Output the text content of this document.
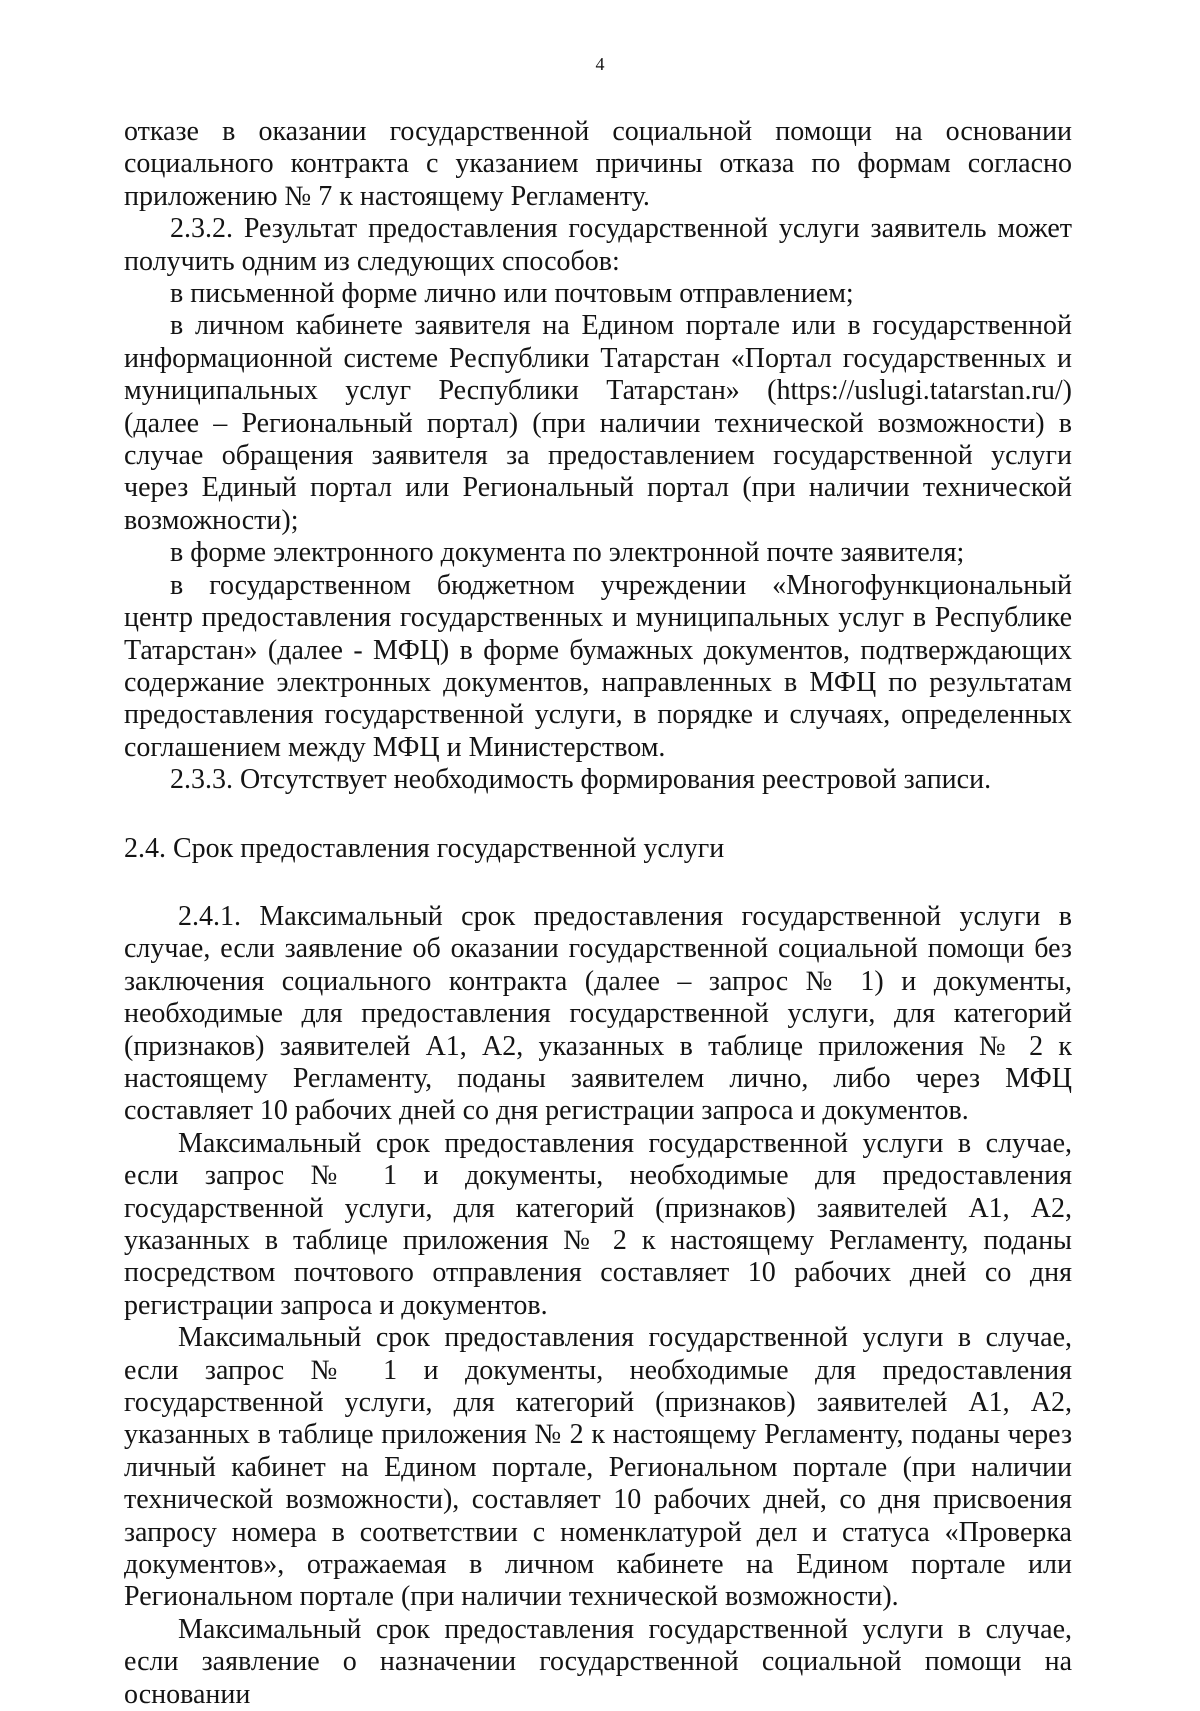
4

отказе в оказании государственной социальной помощи на основании социального контракта с указанием причины отказа по формам согласно приложению № 7 к настоящему Регламенту.

2.3.2. Результат предоставления государственной услуги заявитель может получить одним из следующих способов:

в письменной форме лично или почтовым отправлением;

в личном кабинете заявителя на Едином портале или в государственной информационной системе Республики Татарстан «Портал государственных и муниципальных услуг Республики Татарстан» (https://uslugi.tatarstan.ru/) (далее – Региональный портал) (при наличии технической возможности) в случае обращения заявителя за предоставлением государственной услуги через Единый портал или Региональный портал (при наличии технической возможности);

в форме электронного документа по электронной почте заявителя;

в государственном бюджетном учреждении «Многофункциональный центр предоставления государственных и муниципальных услуг в Республике Татарстан» (далее - МФЦ) в форме бумажных документов, подтверждающих содержание электронных документов, направленных в МФЦ по результатам предоставления государственной услуги, в порядке и случаях, определенных соглашением между МФЦ и Министерством.

2.3.3. Отсутствует необходимость формирования реестровой записи.

2.4. Срок предоставления государственной услуги

2.4.1. Максимальный срок предоставления государственной услуги в случае, если заявление об оказании государственной социальной помощи без заключения социального контракта (далее – запрос № 1) и документы, необходимые для предоставления государственной услуги, для категорий (признаков) заявителей А1, А2, указанных в таблице приложения № 2 к настоящему Регламенту, поданы заявителем лично, либо через МФЦ составляет 10 рабочих дней со дня регистрации запроса и документов.

Максимальный срок предоставления государственной услуги в случае, если запрос № 1 и документы, необходимые для предоставления государственной услуги, для категорий (признаков) заявителей А1, А2, указанных в таблице приложения № 2 к настоящему Регламенту, поданы посредством почтового отправления составляет 10 рабочих дней со дня регистрации запроса и документов.

Максимальный срок предоставления государственной услуги в случае, если запрос № 1 и документы, необходимые для предоставления государственной услуги, для категорий (признаков) заявителей А1, А2, указанных в таблице приложения № 2 к настоящему Регламенту, поданы через личный кабинет на Едином портале, Региональном портале (при наличии технической возможности), составляет 10 рабочих дней, со дня присвоения запросу номера в соответствии с номенклатурой дел и статуса «Проверка документов», отражаемая в личном кабинете на Едином портале или Региональном портале (при наличии технической возможности).

Максимальный срок предоставления государственной услуги в случае, если заявление о назначении государственной социальной помощи на основании
